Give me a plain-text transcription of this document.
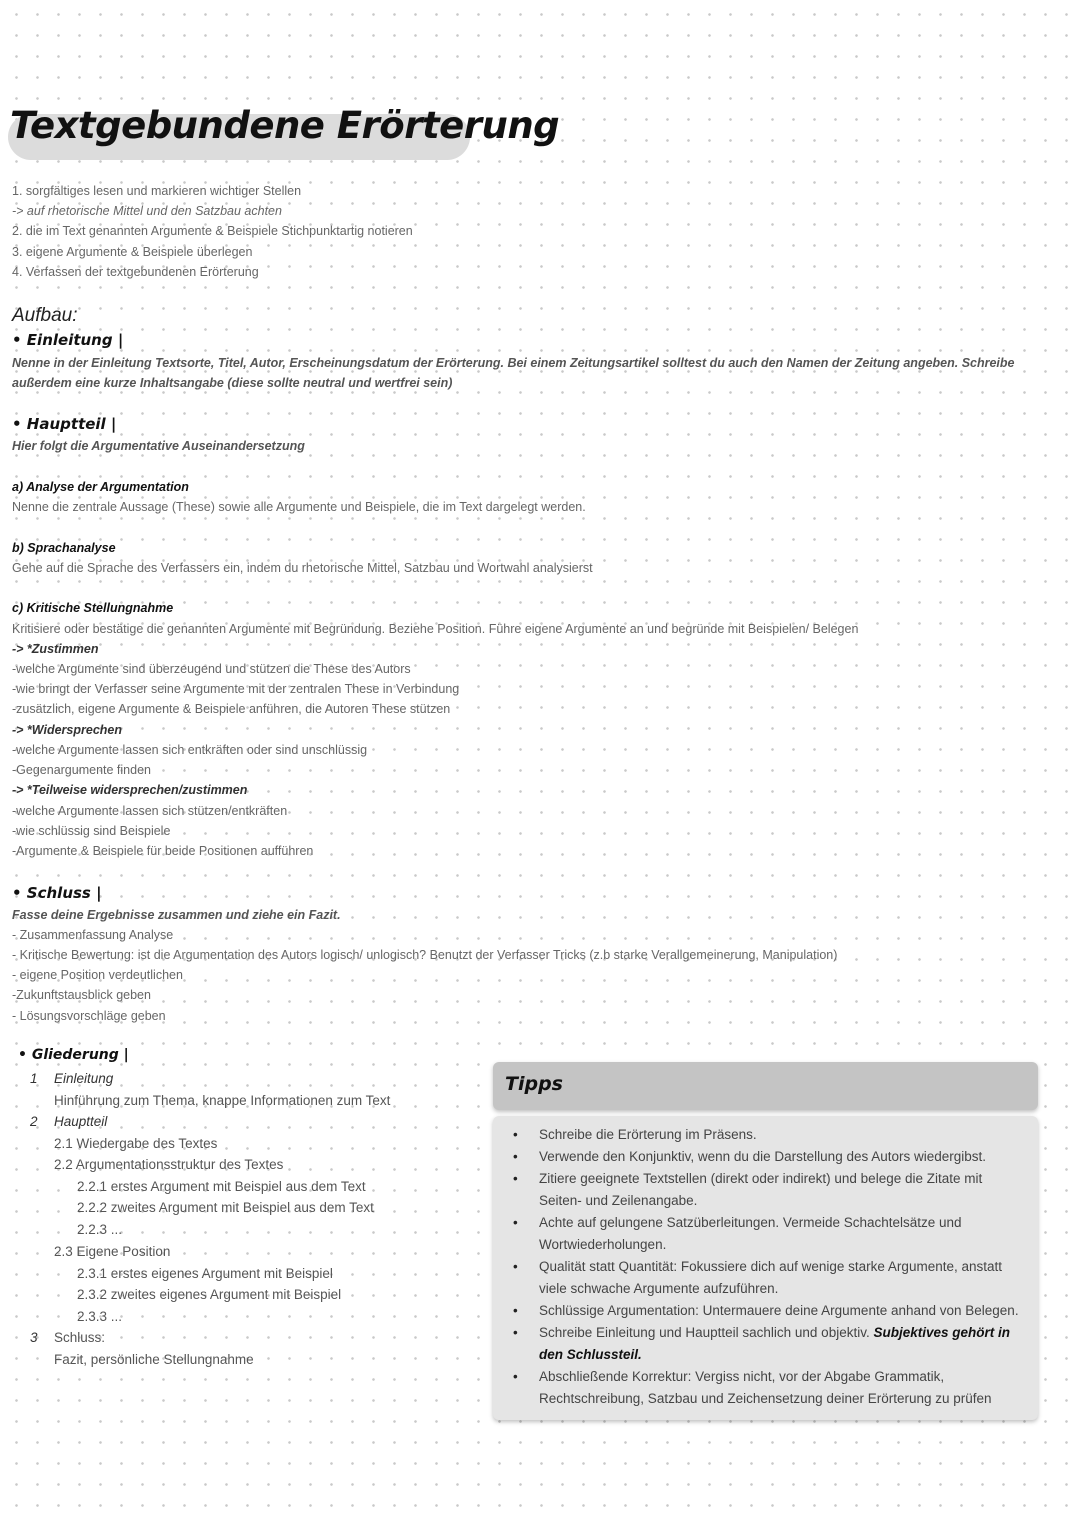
Textgebundene Erörterung
1. sorgfältiges lesen und markieren wichtiger Stellen
-> auf rhetorische Mittel und den Satzbau achten
2. die im Text genannten Argumente & Beispiele Stichpunktartig notieren
3. eigene Argumente & Beispiele überlegen
4. Verfassen der textgebundenen Erörterung
Aufbau:
• Einleitung |
Nenne in der Einleitung Textsorte, Titel, Autor, Erscheinungsdatum der Erörterung. Bei einem Zeitungsartikel solltest du auch den Namen der Zeitung angeben. Schreibe außerdem eine kurze Inhaltsangabe (diese sollte neutral und wertfrei sein)
• Hauptteil |
Hier folgt die Argumentative Auseinandersetzung
a) Analyse der Argumentation
Nenne die zentrale Aussage (These) sowie alle Argumente und Beispiele, die im Text dargelegt werden.
b) Sprachanalyse
Gehe auf die Sprache des Verfassers ein, indem du rhetorische Mittel, Satzbau und Wortwahl analysierst
c) Kritische Stellungnahme
Kritisiere oder bestätige die genannten Argumente mit Begründung. Beziehe Position. Führe eigene Argumente an und begründe mit Beispielen/ Belegen
-> *Zustimmen
-welche Argumente sind überzeugend und stützen die These des Autors
-wie bringt der Verfasser seine Argumente mit der zentralen These in Verbindung
-zusätzlich, eigene Argumente & Beispiele anführen, die Autoren These stützen
-> *Widersprechen
-welche Argumente lassen sich entkräften oder sind unschlüssig
-Gegenargumente finden
-> *Teilweise widersprechen/zustimmen
-welche Argumente lassen sich stützen/entkräften
-wie schlüssig sind Beispiele
-Argumente & Beispiele für beide Positionen aufführen
• Schluss |
Fasse deine Ergebnisse zusammen und ziehe ein Fazit.
- Zusammenfassung Analyse
- Kritische Bewertung: ist die Argumentation des Autors logisch/ unlogisch? Benutzt der Verfasser Tricks (z.b starke Verallgemeinerung, Manipulation)
- eigene Position verdeutlichen
-Zukunftstausblick geben
- Lösungsvorschläge geben
• Gliederung |
1 Einleitung
Hinführung zum Thema, knappe Informationen zum Text
2 Hauptteil
2.1 Wiedergabe des Textes
2.2 Argumentationsstruktur des Textes
2.2.1 erstes Argument mit Beispiel aus dem Text
2.2.2 zweites Argument mit Beispiel aus dem Text
2.2.3 ...
2.3 Eigene Position
2.3.1 erstes eigenes Argument mit Beispiel
2.3.2 zweites eigenes Argument mit Beispiel
2.3.3 ...
3 Schluss:
Fazit, persönliche Stellungnahme
Tipps
• Schreibe die Erörterung im Präsens.
• Verwende den Konjunktiv, wenn du die Darstellung des Autors wiedergibst.
• Zitiere geeignete Textstellen (direkt oder indirekt) und belege die Zitate mit Seiten- und Zeilenangabe.
• Achte auf gelungene Satzüberleitungen. Vermeide Schachtelsätze und Wortwiederholungen.
• Qualität statt Quantität: Fokussiere dich auf wenige starke Argumente, anstatt viele schwache Argumente aufzuführen.
• Schlüssige Argumentation: Untermauere deine Argumente anhand von Belegen.
• Schreibe Einleitung und Hauptteil sachlich und objektiv. Subjektives gehört in den Schlussteil.
• Abschließende Korrektur: Vergiss nicht, vor der Abgabe Grammatik, Rechtschreibung, Satzbau und Zeichensetzung deiner Erörterung zu prüfen
